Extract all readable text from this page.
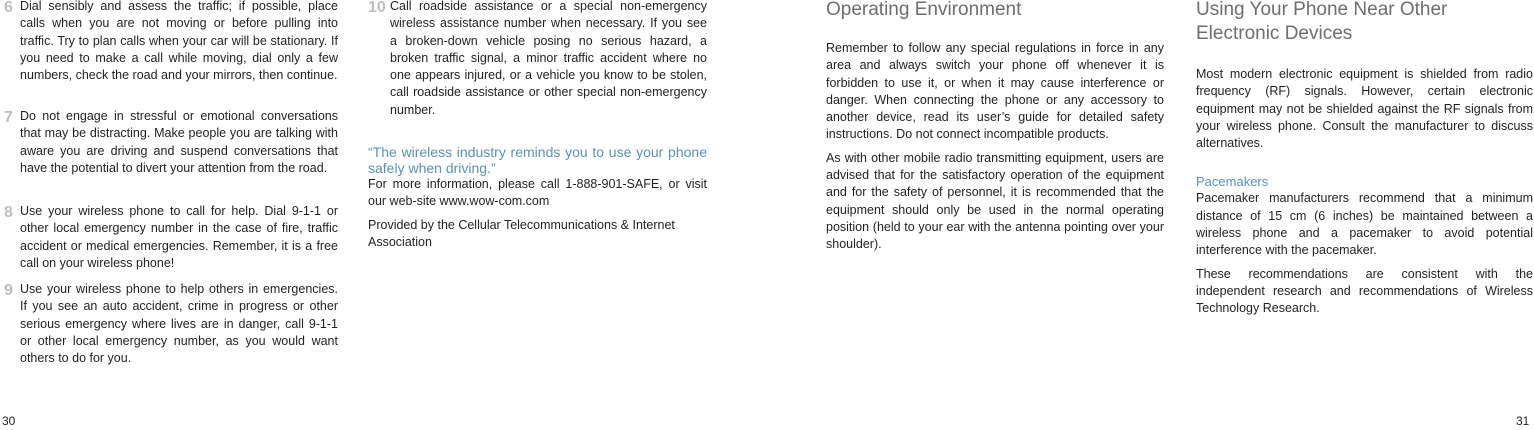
6 Dial sensibly and assess the traffic; if possible, place calls when you are not moving or before pulling into traffic. Try to plan calls when your car will be stationary. If you need to make a call while moving, dial only a few numbers, check the road and your mirrors, then continue.

7 Do not engage in stressful or emotional conversations that may be distracting. Make people you are talking with aware you are driving and suspend conversations that have the potential to divert your attention from the road.

8 Use your wireless phone to call for help. Dial 9-1-1 or other local emergency number in the case of fire, traffic accident or medical emergencies. Remember, it is a free call on your wireless phone!

9 Use your wireless phone to help others in emergencies. If you see an auto accident, crime in progress or other serious emergency where lives are in danger, call 9-1-1 or other local emergency number, as you would want others to do for you.

10 Call roadside assistance or a special non-emergency wireless assistance number when necessary. If you see a broken-down vehicle posing no serious hazard, a broken traffic signal, a minor traffic accident where no one appears injured, or a vehicle you know to be stolen, call roadside assistance or other special non-emergency number.

“The wireless industry reminds you to use your phone safely when driving.”

For more information, please call 1-888-901-SAFE, or visit our web-site www.wow-com.com

Provided by the Cellular Telecommunications & Internet Association

30
Operating Environment

Remember to follow any special regulations in force in any area and always switch your phone off whenever it is forbidden to use it, or when it may cause interference or danger. When connecting the phone or any accessory to another device, read its user’s guide for detailed safety instructions. Do not connect incompatible products.

As with other mobile radio transmitting equipment, users are advised that for the satisfactory operation of the equipment and for the safety of personnel, it is recommended that the equipment should only be used in the normal operating position (held to your ear with the antenna pointing over your shoulder).

Using Your Phone Near Other Electronic Devices

Most modern electronic equipment is shielded from radio frequency (RF) signals. However, certain electronic equipment may not be shielded against the RF signals from your wireless phone. Consult the manufacturer to discuss alternatives.

Pacemakers

Pacemaker manufacturers recommend that a minimum distance of 15 cm (6 inches) be maintained between a wireless phone and a pacemaker to avoid potential interference with the pacemaker.

These recommendations are consistent with the independent research and recommendations of Wireless Technology Research.

31
